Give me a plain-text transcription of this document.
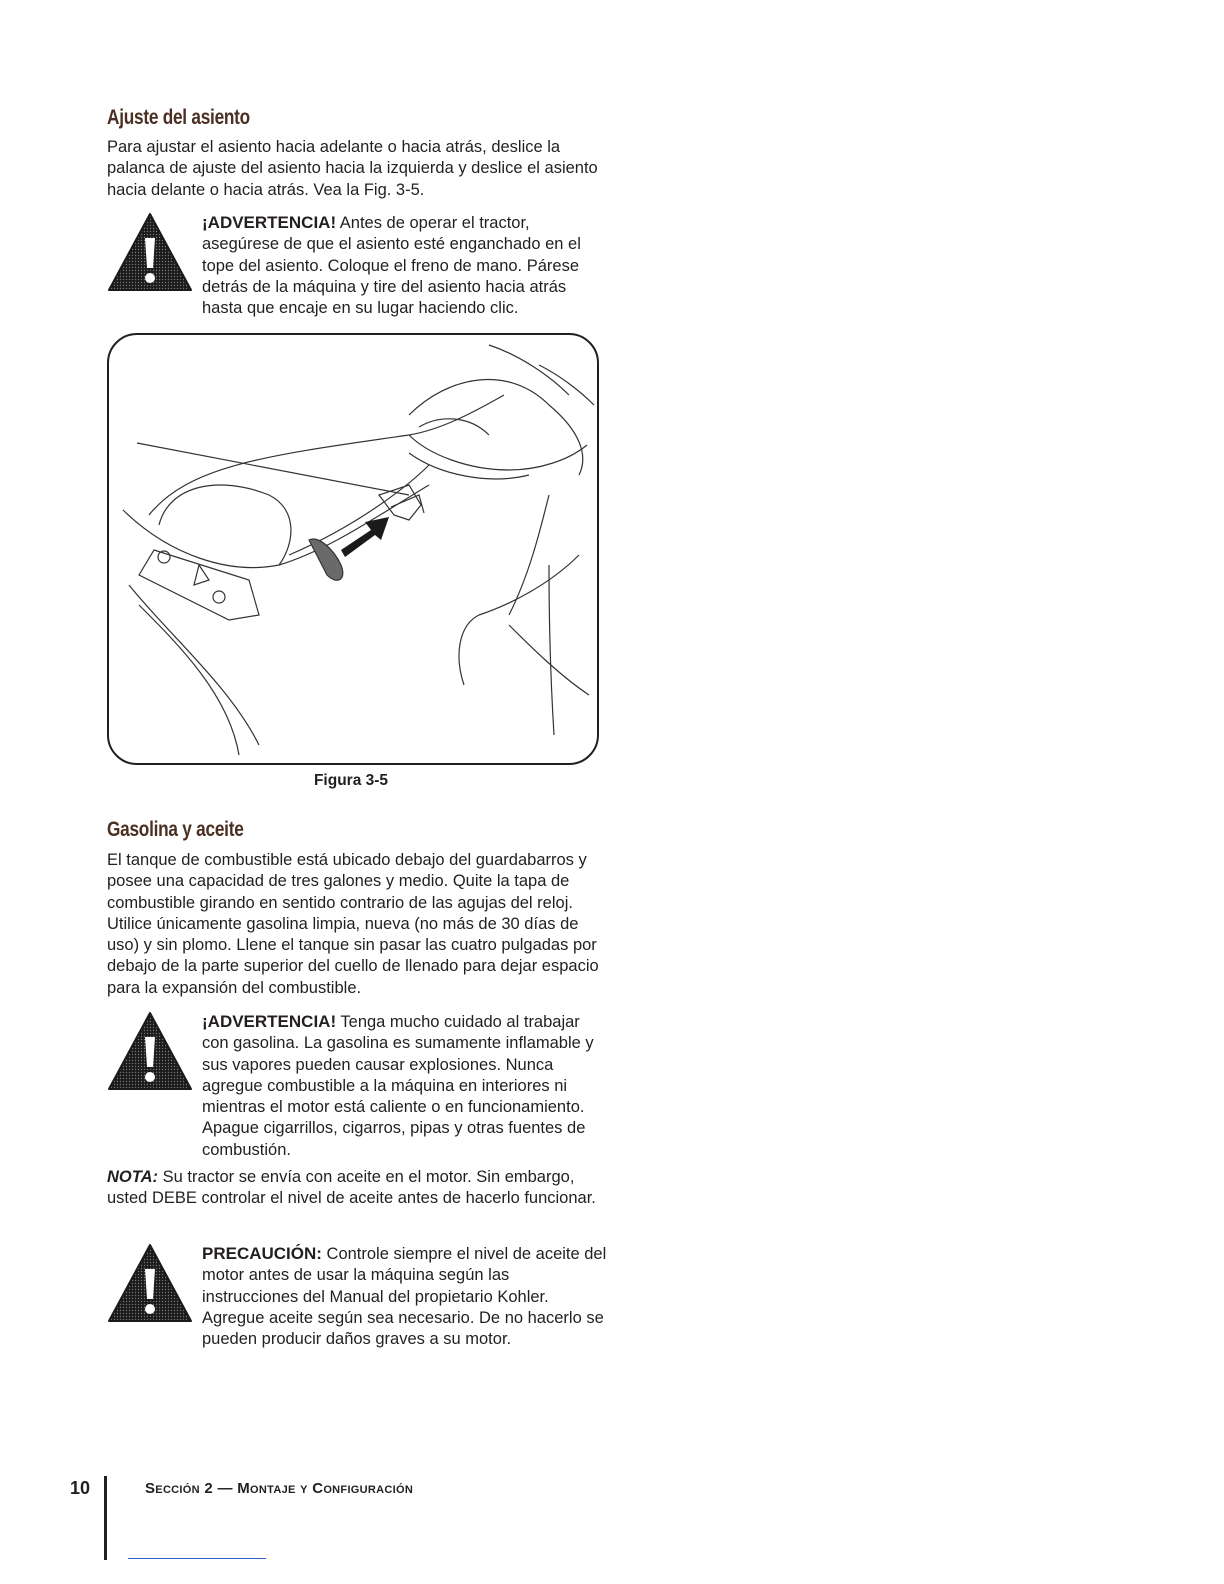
Ajuste del asiento

Para ajustar el asiento hacia adelante o hacia atrás, deslice la palanca de ajuste del asiento hacia la izquierda y deslice el asiento hacia delante o hacia atrás. Vea la Fig. 3-5.

¡ADVERTENCIA! Antes de operar el tractor, asegúrese de que el asiento esté enganchado en el tope del asiento. Coloque el freno de mano. Párese detrás de la máquina y tire del asiento hacia atrás hasta que encaje en su lugar haciendo clic.

Figura 3-5
Gasolina y aceite

El tanque de combustible está ubicado debajo del guardabarros y posee una capacidad de tres galones y medio. Quite la tapa de combustible girando en sentido contrario de las agujas del reloj. Utilice únicamente gasolina limpia, nueva (no más de 30 días de uso) y sin plomo. Llene el tanque sin pasar las cuatro pulgadas por debajo de la parte superior del cuello de llenado para dejar espacio para la expansión del combustible.

¡ADVERTENCIA! Tenga mucho cuidado al trabajar con gasolina. La gasolina es sumamente inflamable y sus vapores pueden causar explosiones. Nunca agregue combustible a la máquina en interiores ni mientras el motor está caliente o en funcionamiento. Apague cigarrillos, cigarros, pipas y otras fuentes de combustión.

NOTA: Su tractor se envía con aceite en el motor. Sin embargo, usted DEBE controlar el nivel de aceite antes de hacerlo funcionar.

PRECAUCIÓN: Controle siempre el nivel de aceite del motor antes de usar la máquina según las instrucciones del Manual del propietario Kohler. Agregue aceite según sea necesario. De no hacerlo se pueden producir daños graves a su motor.

10	Sección 2 — Montaje y Configuración
